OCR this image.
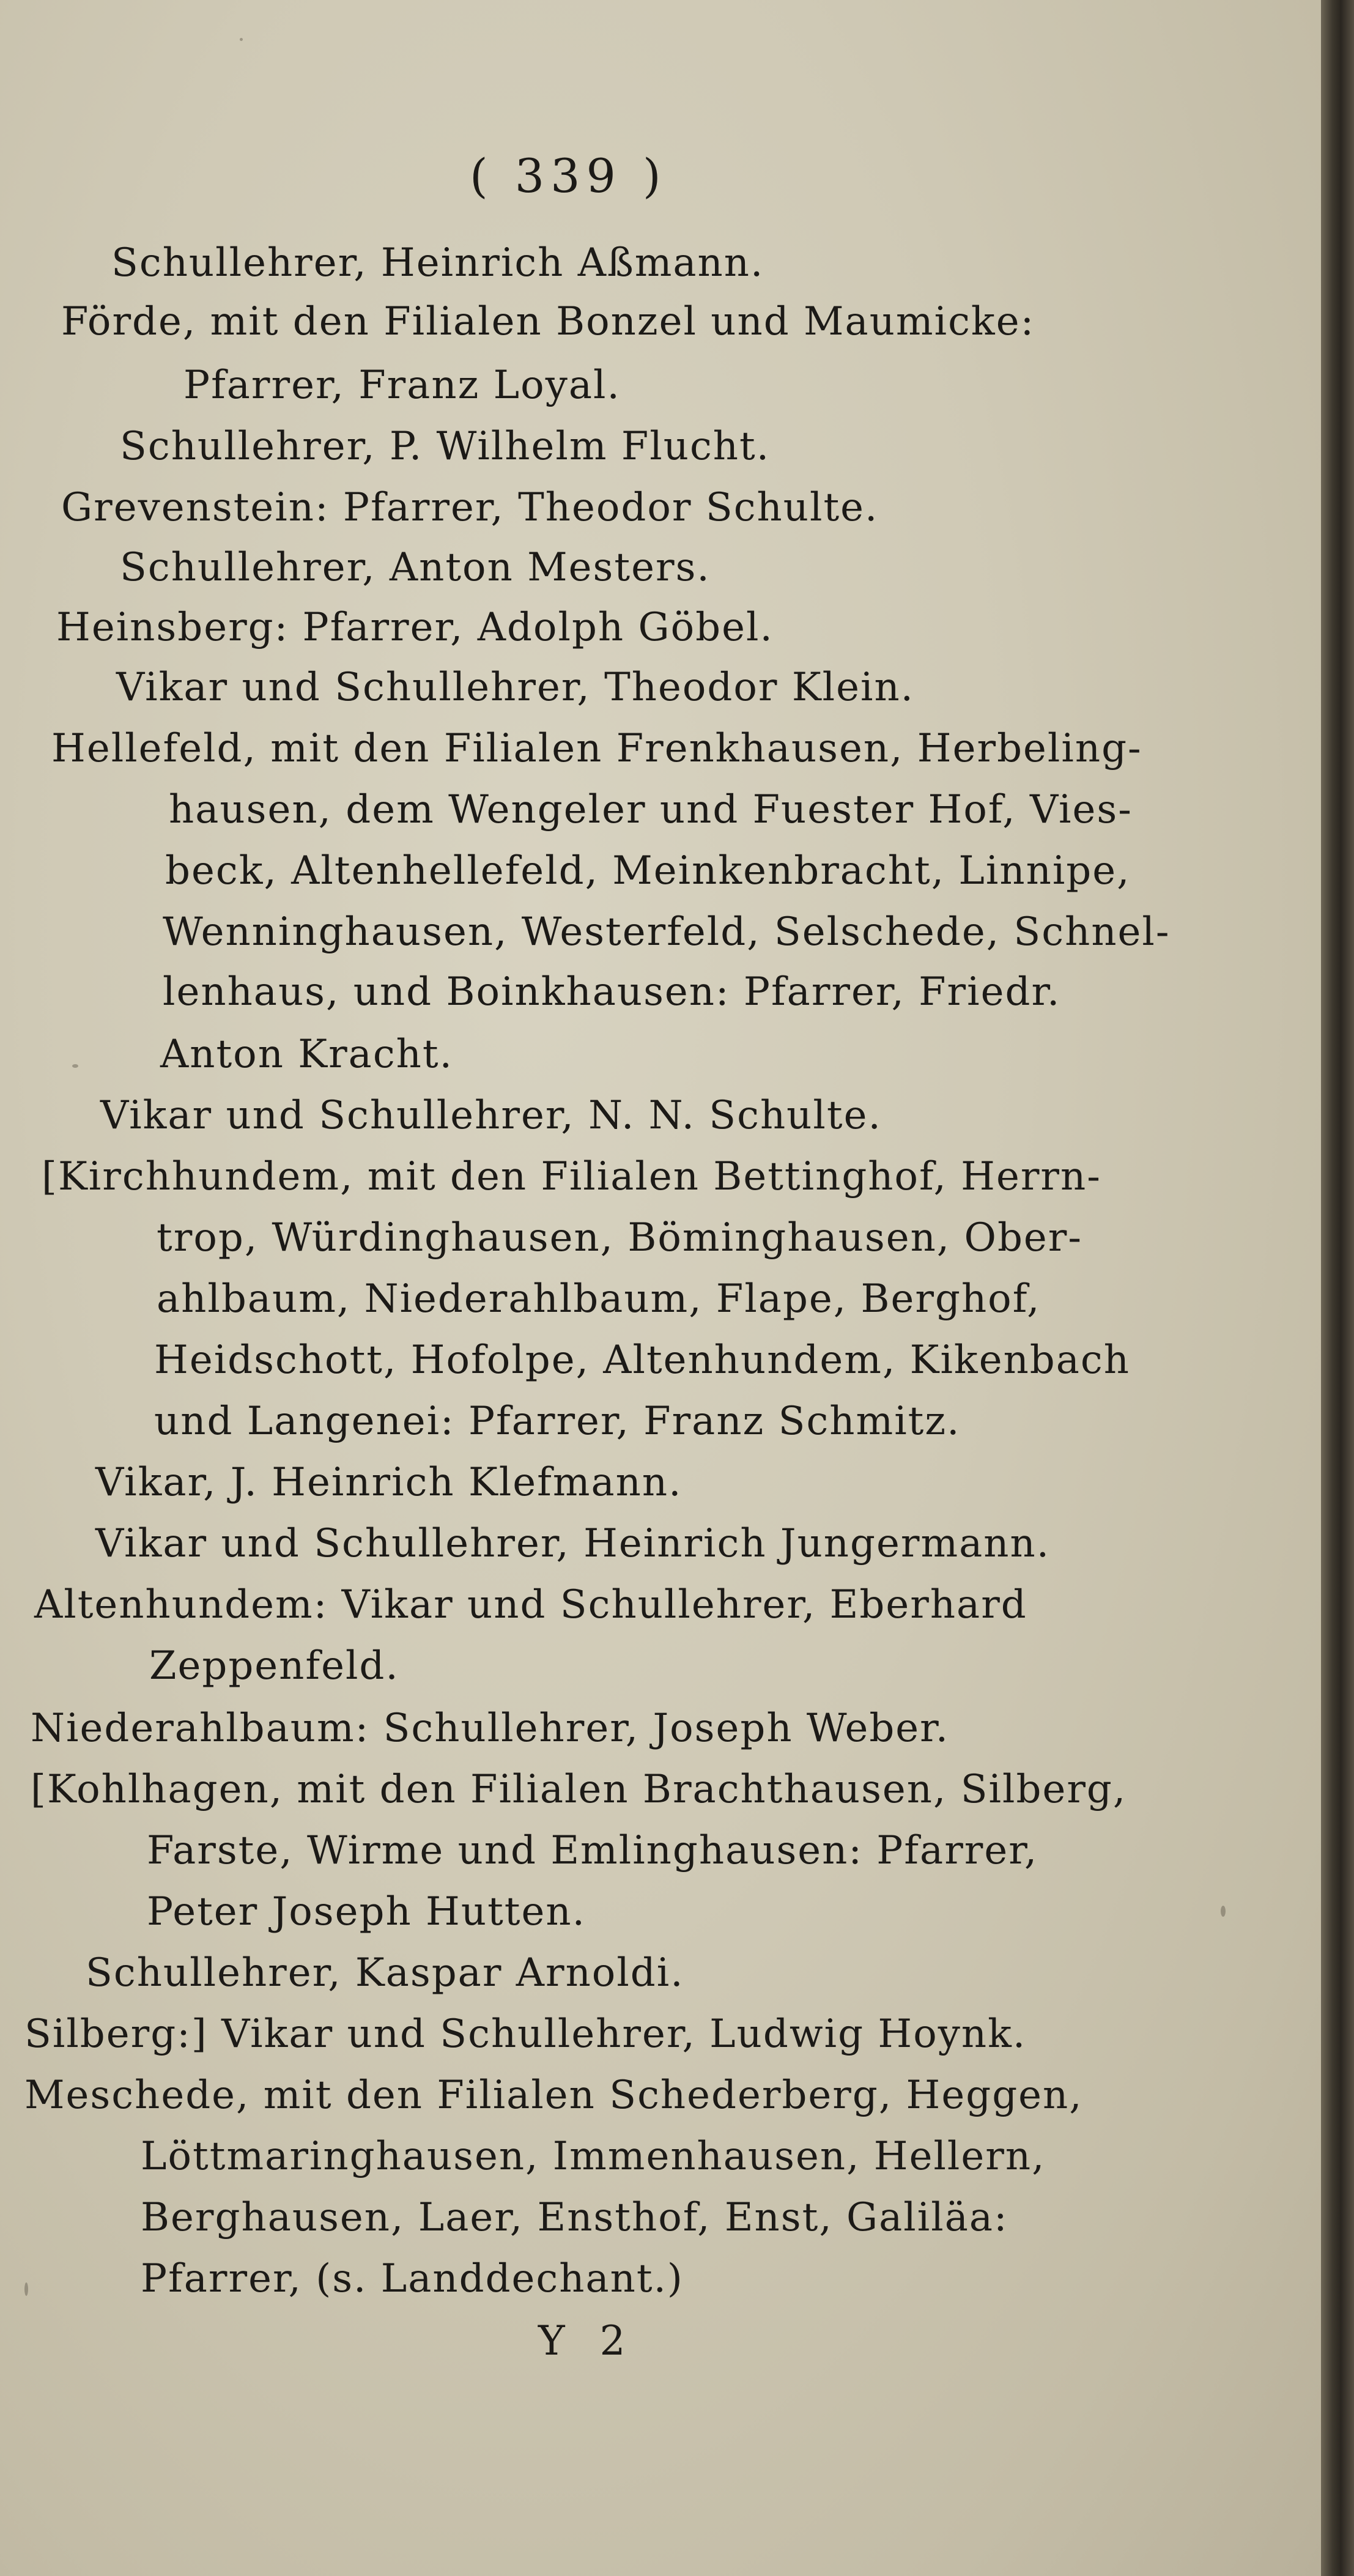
( 339 )
Schullehrer, Heinrich Aßmann.
Förde, mit den Filialen Bonzel und Maumicke:
Pfarrer, Franz Loyal.
Schullehrer, P. Wilhelm Flucht.
Grevenstein: Pfarrer, Theodor Schulte.
Schullehrer, Anton Mesters.
Heinsberg: Pfarrer, Adolph Göbel.
Vikar und Schullehrer, Theodor Klein.
Hellefeld, mit den Filialen Frenkhausen, Herbeling-
hausen, dem Wengeler und Fuester Hof, Vies-
beck, Altenhellefeld, Meinkenbracht, Linnipe,
Wenninghausen, Westerfeld, Selschede, Schnel-
lenhaus, und Boinkhausen: Pfarrer, Friedr.
Anton Kracht.
Vikar und Schullehrer, N. N. Schulte.
[Kirchhundem, mit den Filialen Bettinghof, Herrn-
trop, Würdinghausen, Böminghausen, Ober-
ahlbaum, Niederahlbaum, Flape, Berghof,
Heidschott, Hofolpe, Altenhundem, Kikenbach
und Langenei: Pfarrer, Franz Schmitz.
Vikar, J. Heinrich Klefmann.
Vikar und Schullehrer, Heinrich Jungermann.
Altenhundem: Vikar und Schullehrer, Eberhard
Zeppenfeld.
Niederahlbaum: Schullehrer, Joseph Weber.
[Kohlhagen, mit den Filialen Brachthausen, Silberg,
Farste, Wirme und Emlinghausen: Pfarrer,
Peter Joseph Hutten.
Schullehrer, Kaspar Arnoldi.
Silberg:] Vikar und Schullehrer, Ludwig Hoynk.
Meschede, mit den Filialen Schederberg, Heggen,
Löttmaringhausen, Immenhausen, Hellern,
Berghausen, Laer, Ensthof, Enst, Galiläa:
Pfarrer, (s. Landdechant.)
Y 2
